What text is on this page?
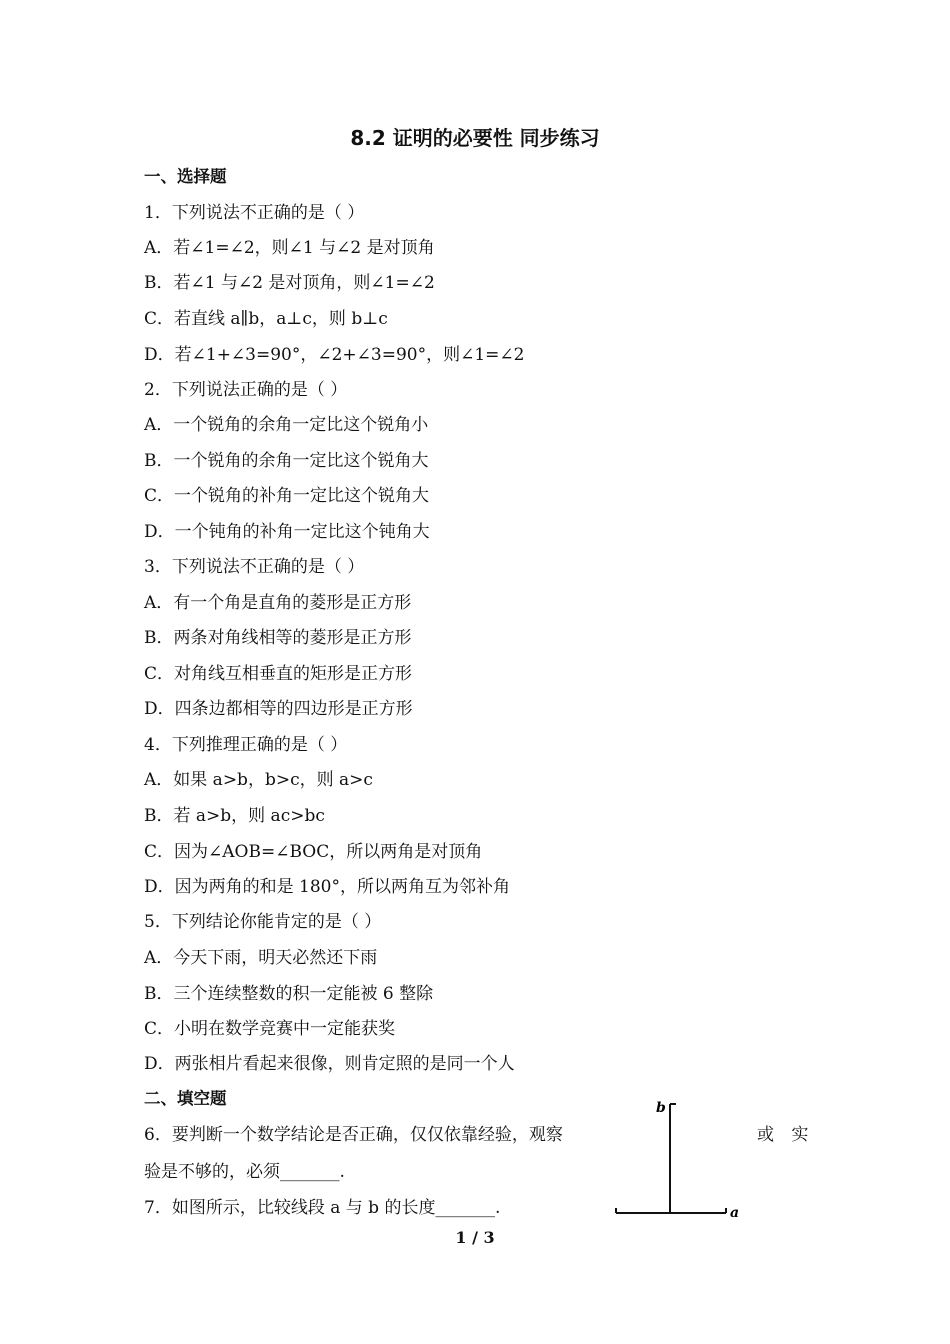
8.2 证明的必要性 同步练习
一、选择题
1．下列说法不正确的是（ ）
A．若∠1=∠2，则∠1 与∠2 是对顶角
B．若∠1 与∠2 是对顶角，则∠1=∠2
C．若直线 a∥b，a⊥c，则 b⊥c
D．若∠1+∠3=90°，∠2+∠3=90°，则∠1=∠2
2．下列说法正确的是（ ）
A．一个锐角的余角一定比这个锐角小
B．一个锐角的余角一定比这个锐角大
C．一个锐角的补角一定比这个锐角大
D．一个钝角的补角一定比这个钝角大
3．下列说法不正确的是（ ）
A．有一个角是直角的菱形是正方形
B．两条对角线相等的菱形是正方形
C．对角线互相垂直的矩形是正方形
D．四条边都相等的四边形是正方形
4．下列推理正确的是（ ）
A．如果 a>b，b>c，则 a>c
B．若 a>b，则 ac>bc
C．因为∠AOB=∠BOC，所以两角是对顶角
D．因为两角的和是 180°，所以两角互为邻补角
5．下列结论你能肯定的是（ ）
A．今天下雨，明天必然还下雨
B．三个连续整数的积一定能被 6 整除
C．小明在数学竞赛中一定能获奖
D．两张相片看起来很像，则肯定照的是同一个人
二、填空题
6．要判断一个数学结论是否正确，仅仅依靠经验，观察	或 实
验是不够的，必须_______.
7．如图所示，比较线段 a 与 b 的长度_______.
b
a
1 / 3
